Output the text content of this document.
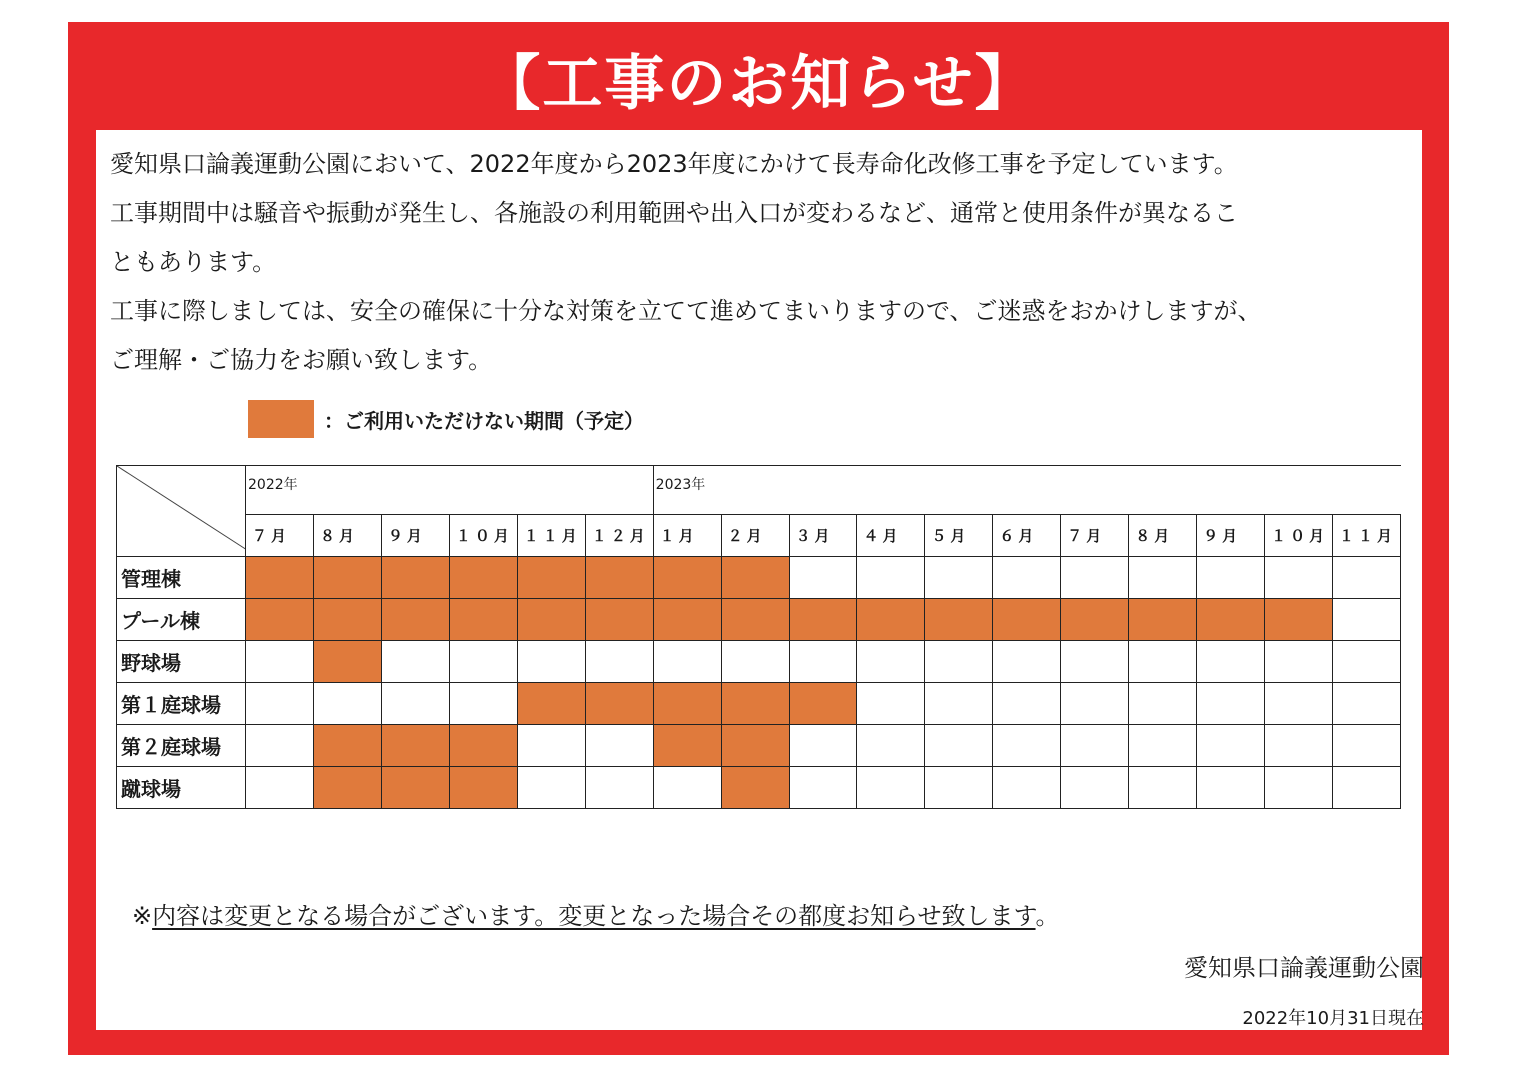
【工事のお知らせ】

愛知県口論義運動公園において、2022年度から2023年度にかけて長寿命化改修工事を予定しています。

工事期間中は騒音や振動が発生し、各施設の利用範囲や出入口が変わるなど、通常と使用条件が異なるこ

ともあります。

工事に際しましては、安全の確保に十分な対策を立てて進めてまいりますので、ご迷惑をおかけしますが、

ご理解・ご協力をお願い致します。

：ご利用いただけない期間（予定）
	2022年						2023年										
	７月	８月	９月	１０月	１１月	１２月	１月	２月	３月	４月	５月	６月	７月	８月	９月	１０月	１１月
管理棟																	
プール棟																	
野球場																	
第１庭球場																	
第２庭球場																	
蹴球場																	
※内容は変更となる場合がございます。変更となった場合その都度お知らせ致します。
愛知県口論義運動公園
2022年10月31日現在
